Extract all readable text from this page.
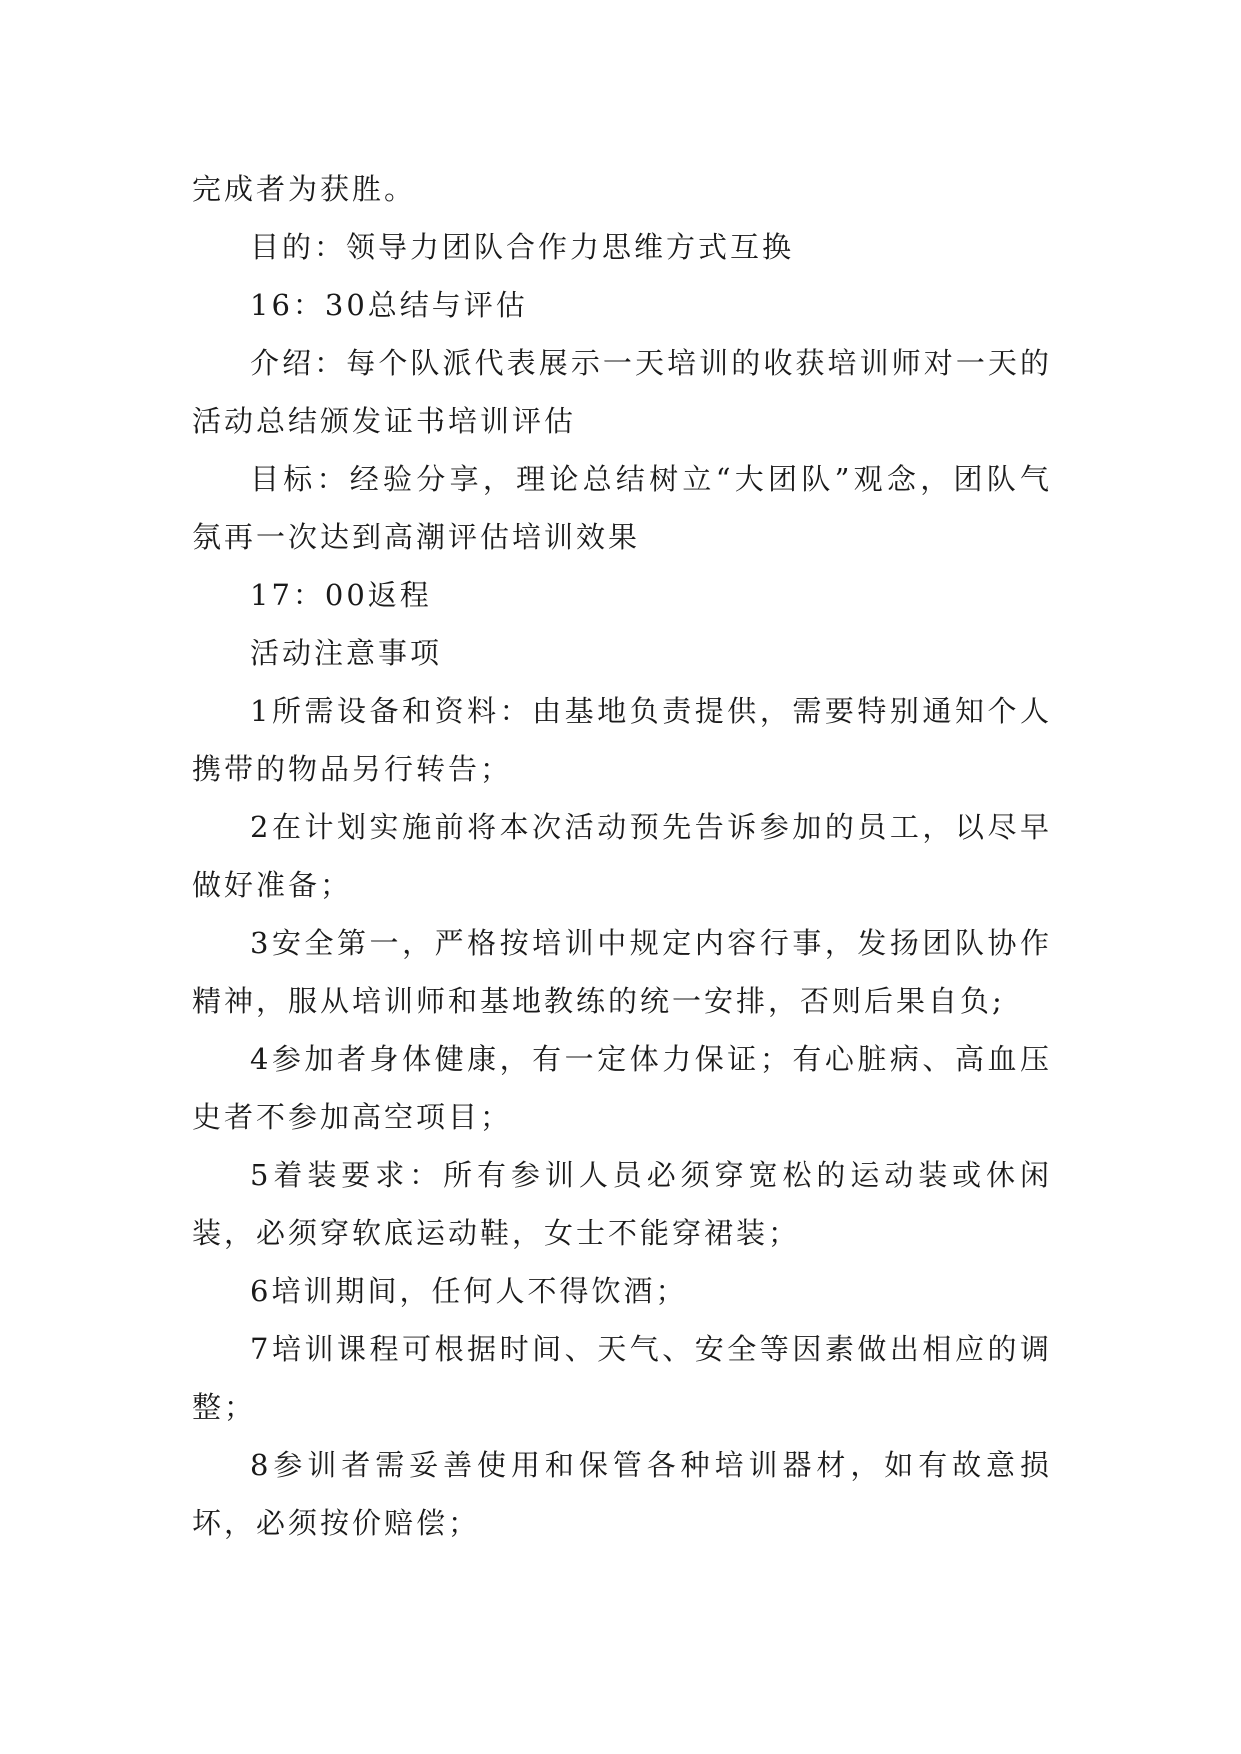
完成者为获胜。

目的：领导力团队合作力思维方式互换

16：30总结与评估

介绍：每个队派代表展示一天培训的收获培训师对一天的活动总结颁发证书培训评估

目标：经验分享，理论总结树立“大团队”观念，团队气氛再一次达到高潮评估培训效果

17：00返程

活动注意事项

1所需设备和资料：由基地负责提供，需要特别通知个人携带的物品另行转告；

2在计划实施前将本次活动预先告诉参加的员工，以尽早做好准备；

3安全第一，严格按培训中规定内容行事，发扬团队协作精神，服从培训师和基地教练的统一安排，否则后果自负;

4参加者身体健康，有一定体力保证；有心脏病、高血压史者不参加高空项目；

5着装要求：所有参训人员必须穿宽松的运动装或休闲装，必须穿软底运动鞋，女士不能穿裙装；

6培训期间，任何人不得饮酒；

7培训课程可根据时间、天气、安全等因素做出相应的调整；

8参训者需妥善使用和保管各种培训器材，如有故意损坏，必须按价赔偿；
